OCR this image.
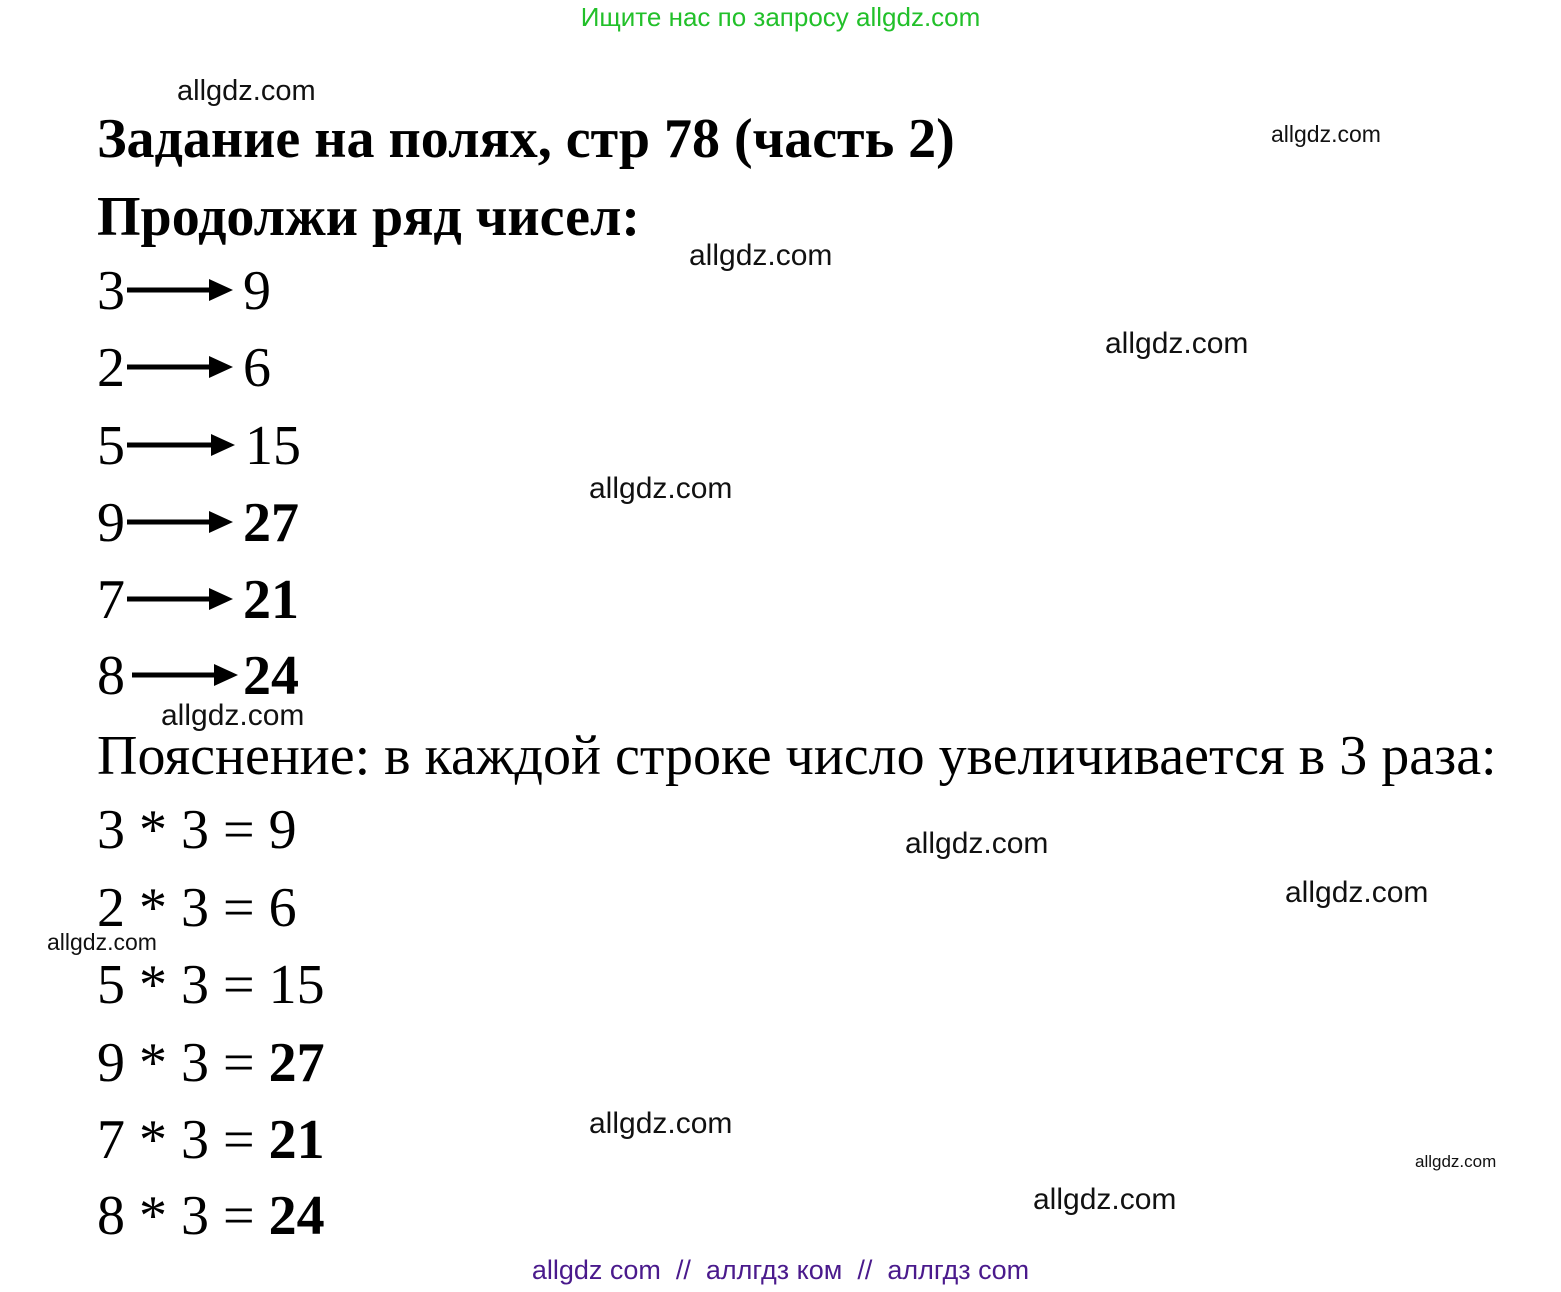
Ищите нас по запросу allgdz.com
allgdz.com
allgdz.com
allgdz.com
allgdz.com
allgdz.com
allgdz.com
allgdz.com
allgdz.com
allgdz.com
allgdz.com
allgdz.com
allgdz.com
Задание на полях, стр 78 (часть 2)
Продолжи ряд чисел:
3 9
2 6
5 15
9 27
7 21
8 24
Пояснение: в каждой строке число увеличивается в 3 раза:
3 * 3 = 9
2 * 3 = 6
5 * 3 = 15
9 * 3 = 27
7 * 3 = 21
8 * 3 = 24
allgdz com  //  аллгдз ком  //  аллгдз com
